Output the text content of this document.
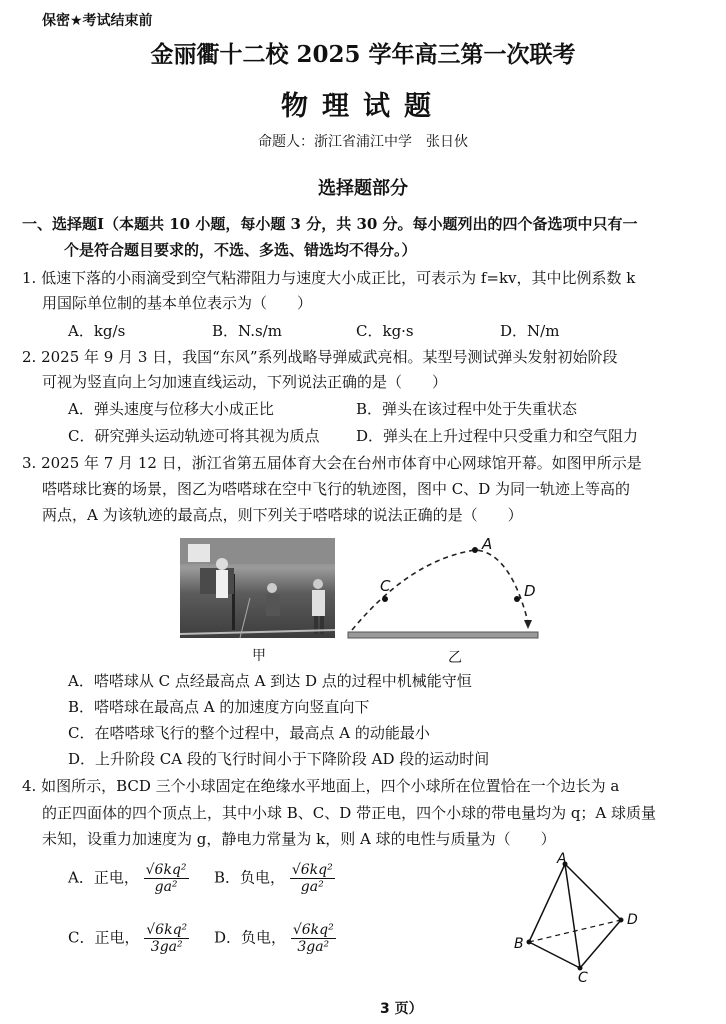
保密★考试结束前
金丽衢十二校 2025 学年高三第一次联考
物理试题
命题人：浙江省浦江中学　张日伙
选择题部分
一、选择题Ⅰ（本题共 10 小题，每小题 3 分，共 30 分。每小题列出的四个备选项中只有一
个是符合题目要求的，不选、多选、错选均不得分。）
1. 低速下落的小雨滴受到空气粘滞阻力与速度大小成正比，可表示为 f=kv，其中比例系数 k
用国际单位制的基本单位表示为（　　）
A．kg/s	B．N.s/m	C．kg·s	D．N/m
2. 2025 年 9 月 3 日，我国“东风”系列战略导弹威武亮相。某型号测试弹头发射初始阶段
可视为竖直向上匀加速直线运动，下列说法正确的是（　　）
A．弹头速度与位移大小成正比	B．弹头在该过程中处于失重状态
C．研究弹头运动轨迹可将其视为质点 D．弹头在上升过程中只受重力和空气阻力
3. 2025 年 7 月 12 日，浙江省第五届体育大会在台州市体育中心网球馆开幕。如图甲所示是
嗒嗒球比赛的场景，图乙为嗒嗒球在空中飞行的轨迹图，图中 C、D 为同一轨迹上等高的
两点，A 为该轨迹的最高点，则下列关于嗒嗒球的说法正确的是（　　）
C
A
D
甲	乙
A．嗒嗒球从 C 点经最高点 A 到达 D 点的过程中机械能守恒
B．嗒嗒球在最高点 A 的加速度方向竖直向下
C．在嗒嗒球飞行的整个过程中，最高点 A 的动能最小
D．上升阶段 CA 段的飞行时间小于下降阶段 AD 段的运动时间
4. 如图所示，BCD 三个小球固定在绝缘水平地面上，四个小球所在位置恰在一个边长为 a
的正四面体的四个顶点上，其中小球 B、C、D 带正电，四个小球的带电量均为 q；A 球质量
未知，设重力加速度为 g，静电力常量为 k，则 A 球的电性与质量为（　　）
A．正电， $\frac{\text{√6kq²}}{\text{ga²}}$ B．负电， $\frac{\text{√6kq²}}{\text{ga²}}$
C．正电， $\frac{\text{√6kq²}}{\text{3ga²}}$ D．负电， $\frac{\text{√6kq²}}{\text{3ga²}}$
A
B
C
D
3 页）
